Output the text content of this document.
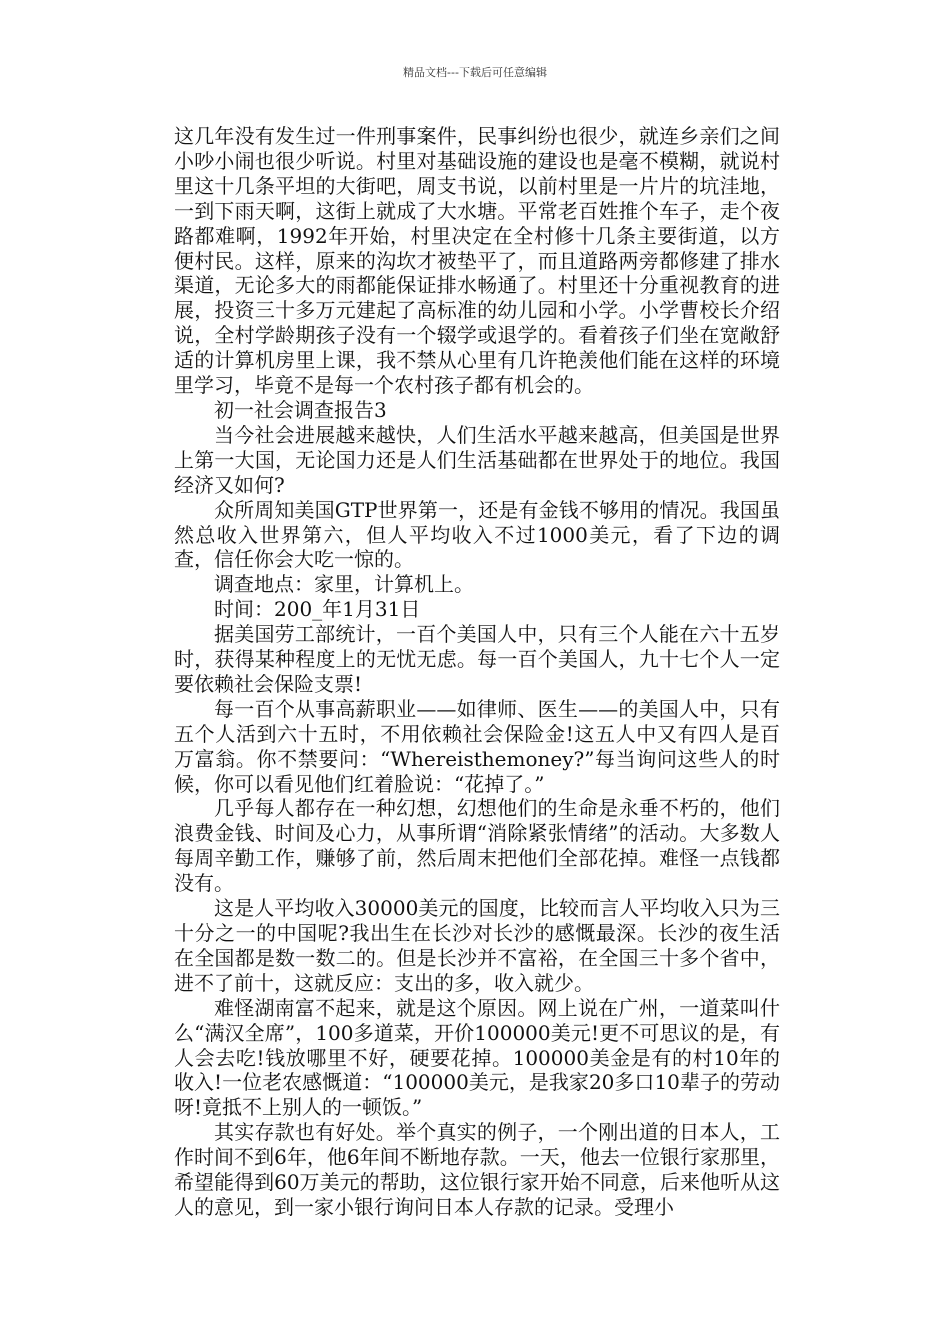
精品文档---下载后可任意编辑

这几年没有发生过一件刑事案件，民事纠纷也很少，就连乡亲们之间小吵小闹也很少听说。村里对基础设施的建设也是毫不模糊，就说村里这十几条平坦的大街吧，周支书说，以前村里是一片片的坑洼地，一到下雨天啊，这街上就成了大水塘。平常老百姓推个车子，走个夜路都难啊，1992年开始，村里决定在全村修十几条主要街道，以方便村民。这样，原来的沟坎才被垫平了，而且道路两旁都修建了排水渠道，无论多大的雨都能保证排水畅通了。村里还十分重视教育的进展，投资三十多万元建起了高标准的幼儿园和小学。小学曹校长介绍说，全村学龄期孩子没有一个辍学或退学的。看着孩子们坐在宽敞舒适的计算机房里上课，我不禁从心里有几许艳羡他们能在这样的环境里学习，毕竟不是每一个农村孩子都有机会的。

初一社会调查报告3

当今社会进展越来越快，人们生活水平越来越高，但美国是世界上第一大国，无论国力还是人们生活基础都在世界处于的地位。我国经济又如何?

众所周知美国GTP世界第一，还是有金钱不够用的情况。我国虽然总收入世界第六，但人平均收入不过1000美元，看了下边的调查，信任你会大吃一惊的。

调查地点：家里，计算机上。

时间：200_年1月31日

据美国劳工部统计，一百个美国人中，只有三个人能在六十五岁时，获得某种程度上的无忧无虑。每一百个美国人，九十七个人一定要依赖社会保险支票!

每一百个从事高薪职业——如律师、医生——的美国人中，只有五个人活到六十五时，不用依赖社会保险金!这五人中又有四人是百万富翁。你不禁要问：“Whereisthemoney?”每当询问这些人的时候，你可以看见他们红着脸说：“花掉了。”

几乎每人都存在一种幻想，幻想他们的生命是永垂不朽的，他们浪费金钱、时间及心力，从事所谓“消除紧张情绪”的活动。大多数人每周辛勤工作，赚够了前，然后周末把他们全部花掉。难怪一点钱都没有。

这是人平均收入30000美元的国度，比较而言人平均收入只为三十分之一的中国呢?我出生在长沙对长沙的感慨最深。长沙的夜生活在全国都是数一数二的。但是长沙并不富裕，在全国三十多个省中，进不了前十，这就反应：支出的多，收入就少。

难怪湖南富不起来，就是这个原因。网上说在广州，一道菜叫什么“满汉全席”，100多道菜，开价100000美元!更不可思议的是，有人会去吃!钱放哪里不好，硬要花掉。100000美金是有的村10年的收入!一位老农感慨道：“100000美元，是我家20多口10辈子的劳动呀!竟抵不上别人的一顿饭。”

其实存款也有好处。举个真实的例子，一个刚出道的日本人，工作时间不到6年，他6年间不断地存款。一天，他去一位银行家那里，希望能得到60万美元的帮助，这位银行家开始不同意，后来他听从这人的意见，到一家小银行询问日本人存款的记录。受理小
